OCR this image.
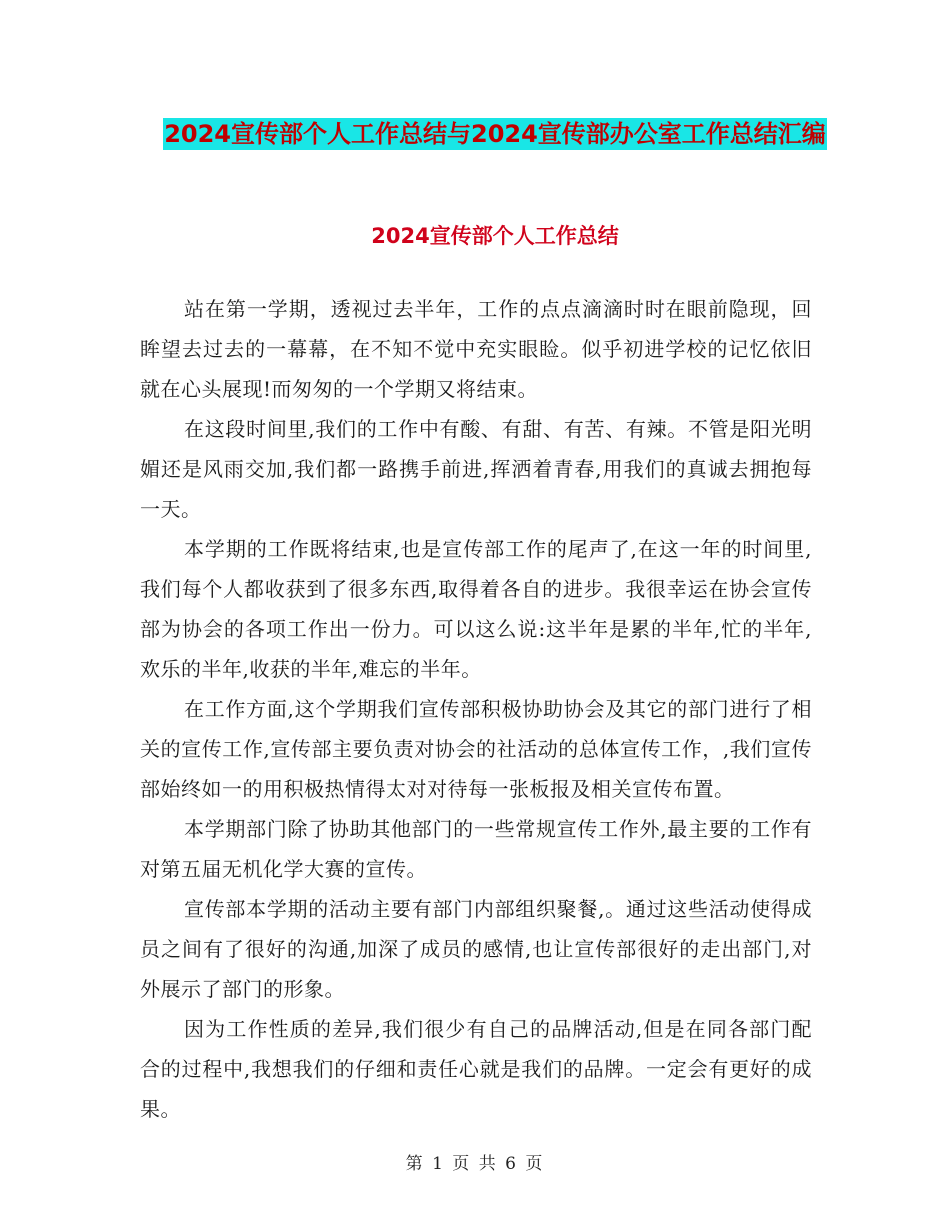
2024宣传部个人工作总结与2024宣传部办公室工作总结汇编
2024宣传部个人工作总结

站在第一学期，透视过去半年，工作的点点滴滴时时在眼前隐现，回眸望去过去的一幕幕，在不知不觉中充实眼睑。似乎初进学校的记忆依旧就在心头展现!而匆匆的一个学期又将结束。

在这段时间里,我们的工作中有酸、有甜、有苦、有辣。不管是阳光明媚还是风雨交加,我们都一路携手前进,挥洒着青春,用我们的真诚去拥抱每一天。

本学期的工作既将结束,也是宣传部工作的尾声了,在这一年的时间里,我们每个人都收获到了很多东西,取得着各自的进步。我很幸运在协会宣传部为协会的各项工作出一份力。可以这么说:这半年是累的半年,忙的半年,欢乐的半年,收获的半年,难忘的半年。

在工作方面,这个学期我们宣传部积极协助协会及其它的部门进行了相关的宣传工作,宣传部主要负责对协会的社活动的总体宣传工作，,我们宣传部始终如一的用积极热情得太对对待每一张板报及相关宣传布置。

本学期部门除了协助其他部门的一些常规宣传工作外,最主要的工作有对第五届无机化学大赛的宣传。

宣传部本学期的活动主要有部门内部组织聚餐,。通过这些活动使得成员之间有了很好的沟通,加深了成员的感情,也让宣传部很好的走出部门,对外展示了部门的形象。

因为工作性质的差异,我们很少有自己的品牌活动,但是在同各部门配合的过程中,我想我们的仔细和责任心就是我们的品牌。一定会有更好的成果。

第 1 页 共 6 页
